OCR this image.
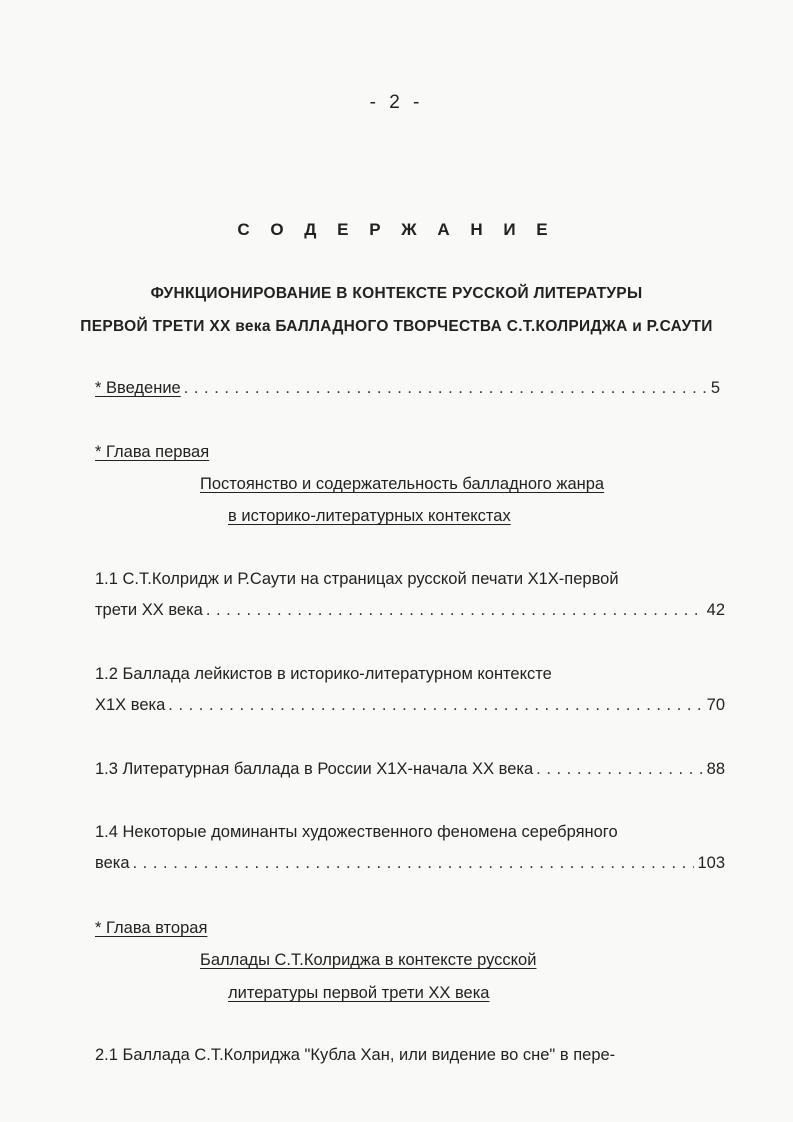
- 2 -
С О Д Е Р Ж А Н И Е
ФУНКЦИОНИРОВАНИЕ В КОНТЕКСТЕ РУССКОЙ ЛИТЕРАТУРЫ
ПЕРВОЙ ТРЕТИ XX века БАЛЛАДНОГО ТВОРЧЕСТВА С.Т.КОЛРИДЖА и Р.САУТИ
* Введение . . .	5
* Глава первая
Постоянство и содержательность балладного жанра
в историко-литературных контекстах
1.1 С.Т.Колридж и Р.Саути на страницах русской печати X1X-первой
трети XX века . . .	42
1.2 Баллада лейкистов в историко-литературном контексте
X1X века . . .	70
1.3 Литературная баллада в России X1X-начала XX века . . .	88
1.4 Некоторые доминанты художественного феномена серебряного
века . . .	103
* Глава вторая
Баллады С.Т.Колриджа в контексте русской
литературы первой трети XX века
2.1 Баллада С.Т.Колриджа "Кубла Хан, или видение во сне" в пере-
